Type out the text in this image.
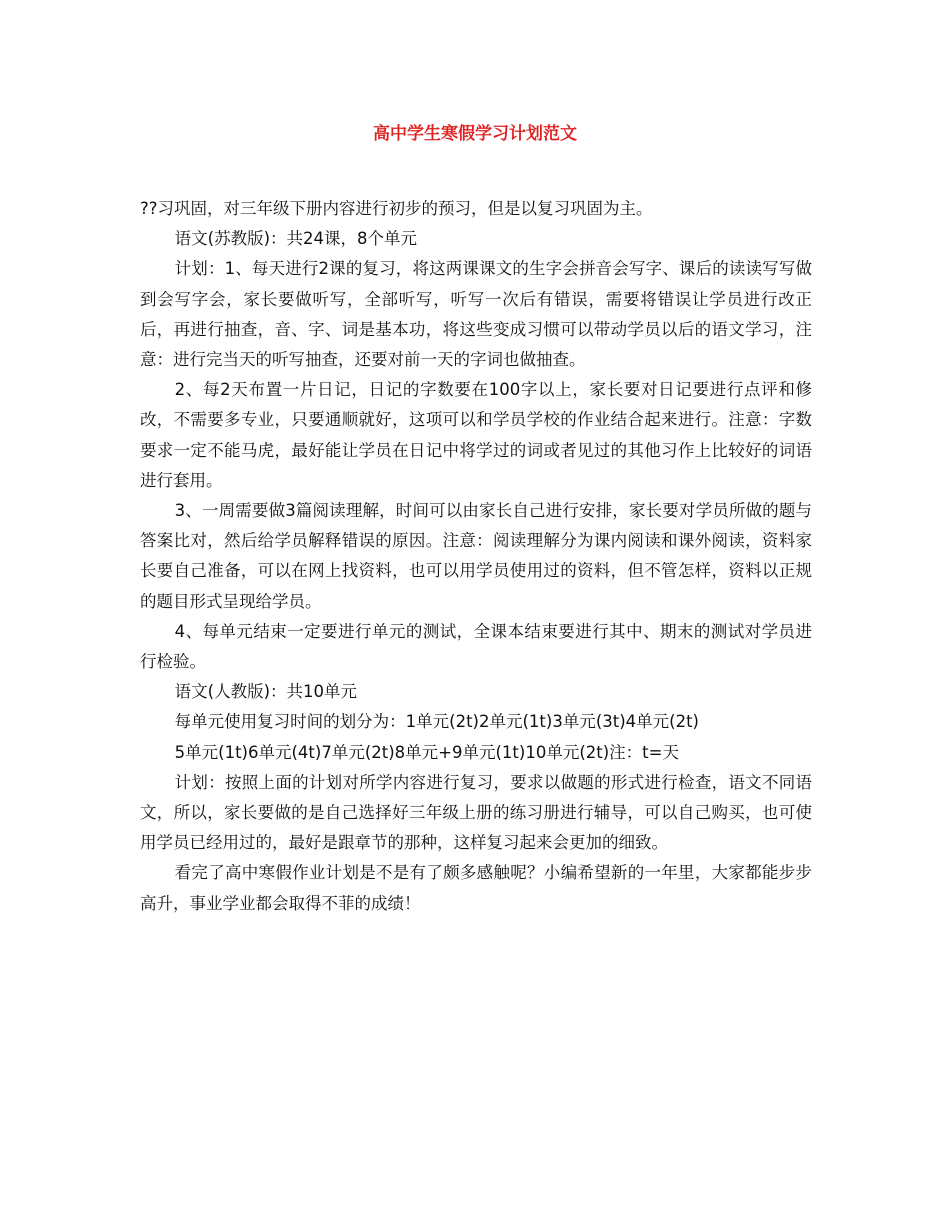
高中学生寒假学习计划范文

??习巩固，对三年级下册内容进行初步的预习，但是以复习巩固为主。

语文(苏教版)：共24课，8个单元

计划：1、每天进行2课的复习，将这两课课文的生字会拼音会写字、课后的读读写写做到会写字会，家长要做听写，全部听写，听写一次后有错误，需要将错误让学员进行改正后，再进行抽查，音、字、词是基本功，将这些变成习惯可以带动学员以后的语文学习，注意：进行完当天的听写抽查，还要对前一天的字词也做抽查。

2、每2天布置一片日记，日记的字数要在100字以上，家长要对日记要进行点评和修改，不需要多专业，只要通顺就好，这项可以和学员学校的作业结合起来进行。注意：字数要求一定不能马虎，最好能让学员在日记中将学过的词或者见过的其他习作上比较好的词语进行套用。

3、一周需要做3篇阅读理解，时间可以由家长自己进行安排，家长要对学员所做的题与答案比对，然后给学员解释错误的原因。注意：阅读理解分为课内阅读和课外阅读，资料家长要自己准备，可以在网上找资料，也可以用学员使用过的资料，但不管怎样，资料以正规的题目形式呈现给学员。

4、每单元结束一定要进行单元的测试，全课本结束要进行其中、期末的测试对学员进行检验。

语文(人教版)：共10单元

每单元使用复习时间的划分为：1单元(2t)2单元(1t)3单元(3t)4单元(2t)

5单元(1t)6单元(4t)7单元(2t)8单元+9单元(1t)10单元(2t)注：t=天

计划：按照上面的计划对所学内容进行复习，要求以做题的形式进行检查，语文不同语文，所以，家长要做的是自己选择好三年级上册的练习册进行辅导，可以自己购买，也可使用学员已经用过的，最好是跟章节的那种，这样复习起来会更加的细致。

看完了高中寒假作业计划是不是有了颇多感触呢？小编希望新的一年里，大家都能步步高升，事业学业都会取得不菲的成绩！
